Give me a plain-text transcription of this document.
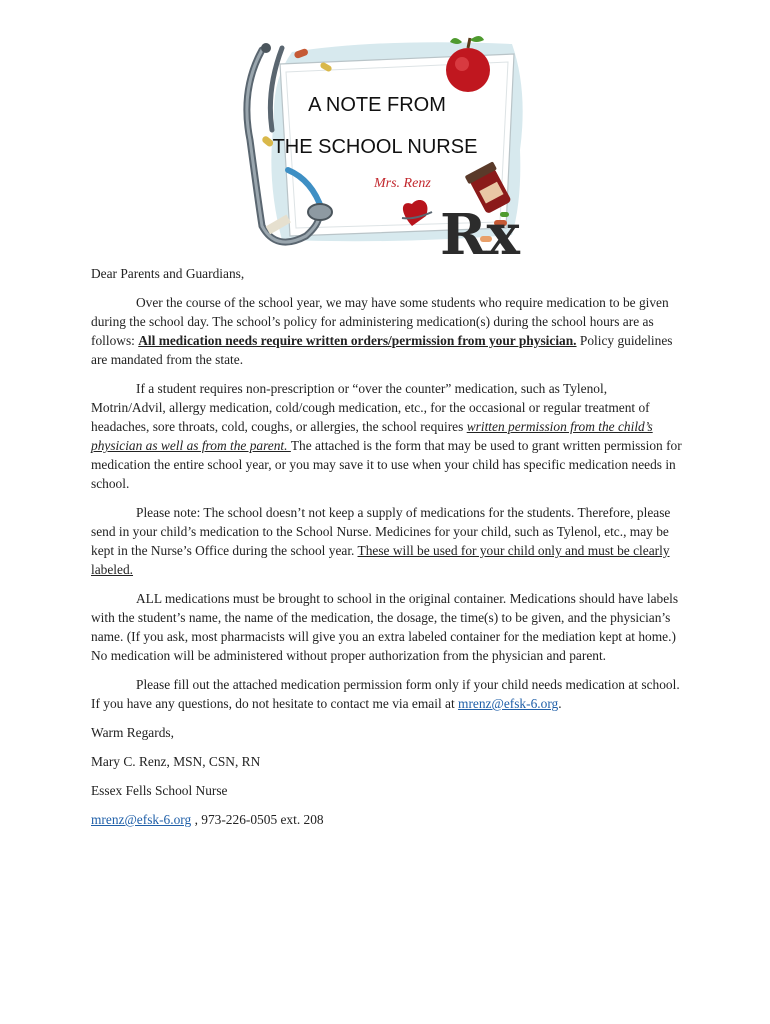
Rx
A NOTE FROM
THE SCHOOL NURSE
Mrs. Renz

Dear Parents and Guardians,

Over the course of the school year, we may have some students who require medication to be given during the school day. The school’s policy for administering medication(s) during the school hours are as follows: All medication needs require written orders/permission from your physician. Policy guidelines are mandated from the state.

If a student requires non-prescription or “over the counter” medication, such as Tylenol, Motrin/Advil, allergy medication, cold/cough medication, etc., for the occasional or regular treatment of headaches, sore throats, cold, coughs, or allergies, the school requires written permission from the child’s physician as well as from the parent. The attached is the form that may be used to grant written permission for medication the entire school year, or you may save it to use when your child has specific medication needs in school.

Please note: The school doesn’t not keep a supply of medications for the students. Therefore, please send in your child’s medication to the School Nurse. Medicines for your child, such as Tylenol, etc., may be kept in the Nurse’s Office during the school year. These will be used for your child only and must be clearly labeled.

ALL medications must be brought to school in the original container. Medications should have labels with the student’s name, the name of the medication, the dosage, the time(s) to be given, and the physician’s name. (If you ask, most pharmacists will give you an extra labeled container for the mediation kept at home.) No medication will be administered without proper authorization from the physician and parent.

Please fill out the attached medication permission form only if your child needs medication at school. If you have any questions, do not hesitate to contact me via email at mrenz@efsk-6.org.

Warm Regards,

Mary C. Renz, MSN, CSN, RN

Essex Fells School Nurse

mrenz@efsk-6.org , 973-226-0505 ext. 208
